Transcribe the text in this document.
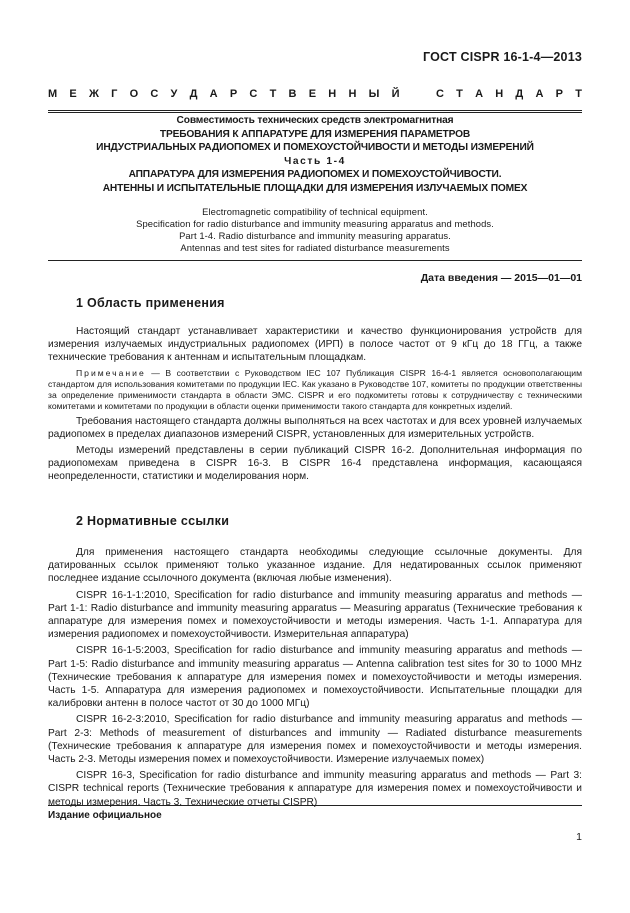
ГОСТ CISPR 16-1-4—2013
М Е Ж Г О С У Д А Р С Т В Е Н Н Ы Й	С Т А Н Д А Р Т
Совместимость технических средств электромагнитная
ТРЕБОВАНИЯ К АППАРАТУРЕ ДЛЯ ИЗМЕРЕНИЯ ПАРАМЕТРОВ
ИНДУСТРИАЛЬНЫХ РАДИОПОМЕХ И ПОМЕХОУСТОЙЧИВОСТИ И МЕТОДЫ ИЗМЕРЕНИЙ
Часть 1-4
АППАРАТУРА ДЛЯ ИЗМЕРЕНИЯ РАДИОПОМЕХ И ПОМЕХОУСТОЙЧИВОСТИ.
АНТЕННЫ И ИСПЫТАТЕЛЬНЫЕ ПЛОЩАДКИ ДЛЯ ИЗМЕРЕНИЯ ИЗЛУЧАЕМЫХ ПОМЕХ
Electromagnetic compatibility of technical equipment.
Specification for radio disturbance and immunity measuring apparatus and methods.
Part 1-4. Radio disturbance and immunity measuring apparatus.
Antennas and test sites for radiated disturbance measurements
Дата введения — 2015—01—01
1 Область применения

Настоящий стандарт устанавливает характеристики и качество функционирования устройств для измерения излучаемых индустриальных радиопомех (ИРП) в полосе частот от 9 кГц до 18 ГГц, а также технические требования к антеннам и испытательным площадкам.

Примечание — В соответствии с Руководством IEC 107 Публикация CISPR 16-4-1 является основополагающим стандартом для использования комитетами по продукции IEC. Как указано в Руководстве 107, комитеты по продукции ответственны за определение применимости стандарта в области ЭМС. CISPR и его подкомитеты готовы к сотрудничеству с техническими комитетами и комитетами по продукции в области оценки применимости такого стандарта для конкретных изделий.

Требования настоящего стандарта должны выполняться на всех частотах и для всех уровней излучаемых радиопомех в пределах диапазонов измерений CISPR, установленных для измерительных устройств.

Методы измерений представлены в серии публикаций CISPR 16-2. Дополнительная информация по радиопомехам приведена в CISPR 16-3. В CISPR 16-4 представлена информация, касающаяся неопределенности, статистики и моделирования норм.

2 Нормативные ссылки

Для применения настоящего стандарта необходимы следующие ссылочные документы. Для датированных ссылок применяют только указанное издание. Для недатированных ссылок применяют последнее издание ссылочного документа (включая любые изменения).

CISPR 16-1-1:2010, Specification for radio disturbance and immunity measuring apparatus and methods — Part 1-1: Radio disturbance and immunity measuring apparatus — Measuring apparatus (Технические требования к аппаратуре для измерения помех и помехоустойчивости и методы измерения. Часть 1-1. Аппаратура для измерения радиопомех и помехоустойчивости. Измерительная аппаратура)

CISPR 16-1-5:2003, Specification for radio disturbance and immunity measuring apparatus and methods — Part 1-5: Radio disturbance and immunity measuring apparatus — Antenna calibration test sites for 30 to 1000 MHz (Технические требования к аппаратуре для измерения помех и помехоустойчивости и методы измерения. Часть 1-5. Аппаратура для измерения радиопомех и помехоустойчивости. Испытательные площадки для калибровки антенн в полосе частот от 30 до 1000 МГц)

CISPR 16-2-3:2010, Specification for radio disturbance and immunity measuring apparatus and methods — Part 2-3: Methods of measurement of disturbances and immunity — Radiated disturbance measurements (Технические требования к аппаратуре для измерения помех и помехоустойчивости и методы измерения. Часть 2-3. Методы измерения помех и помехоустойчивости. Измерение излучаемых помех)

CISPR 16-3, Specification for radio disturbance and immunity measuring apparatus and methods — Part 3: CISPR technical reports (Технические требования к аппаратуре для измерения помех и помехоустойчивости и методы измерения. Часть 3. Технические отчеты CISPR)

Издание официальное
1
